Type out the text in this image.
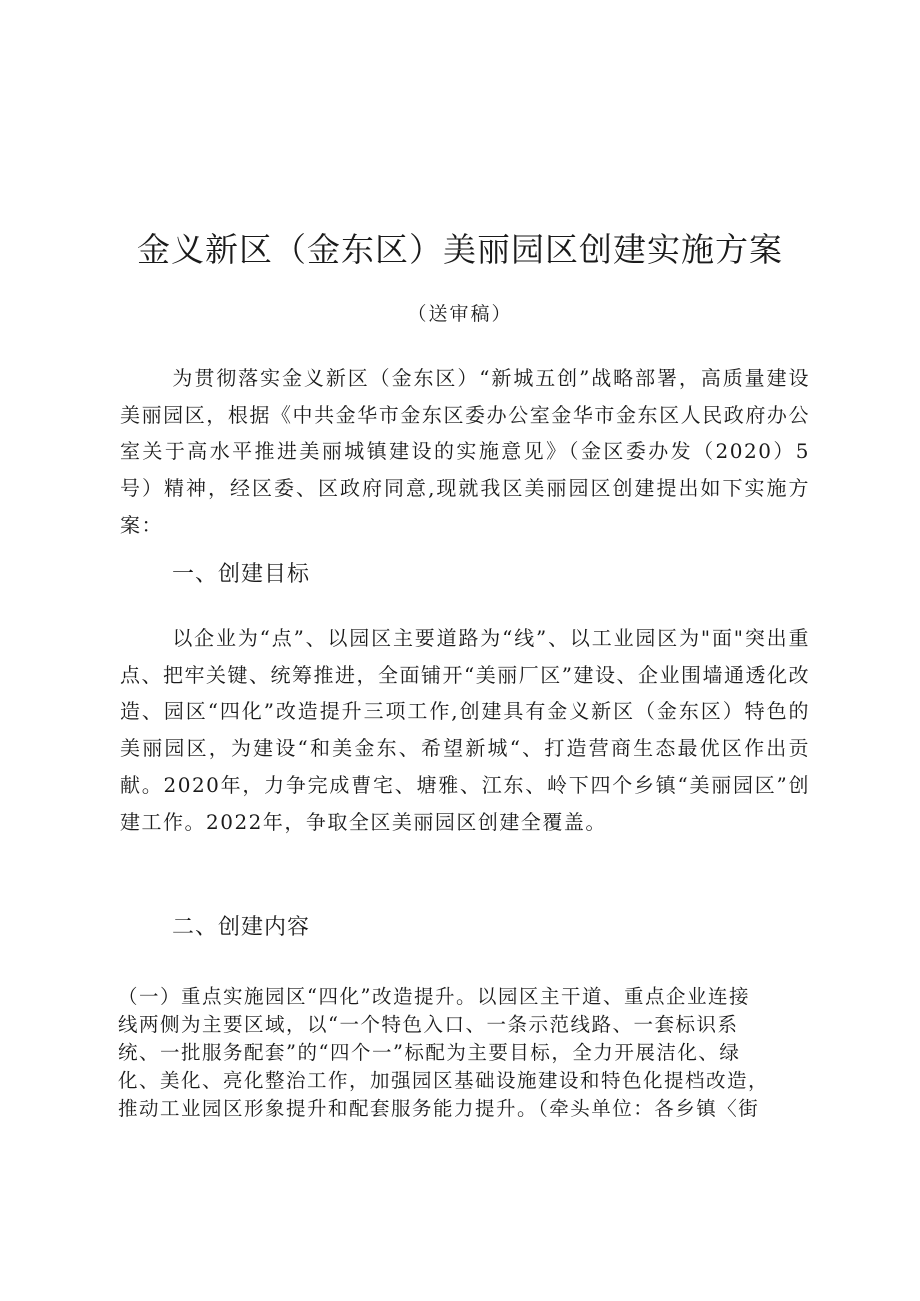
金义新区（金东区）美丽园区创建实施方案
（送审稿）

为贯彻落实金义新区（金东区）“新城五创”战略部署，高质量建设美丽园区，根据《中共金华市金东区委办公室金华市金东区人民政府办公室关于高水平推进美丽城镇建设的实施意见》（金区委办发（2020）5号）精神，经区委、区政府同意,现就我区美丽园区创建提出如下实施方案：

一、创建目标

以企业为“点”、以园区主要道路为“线”、以工业园区为"面"突出重点、把牢关键、统筹推进，全面铺开“美丽厂区”建设、企业围墙通透化改造、园区“四化”改造提升三项工作,创建具有金义新区（金东区）特色的美丽园区，为建设“和美金东、希望新城“、打造营商生态最优区作出贡献。2020年，力争完成曹宅、塘雅、江东、岭下四个乡镇“美丽园区”创建工作。2022年，争取全区美丽园区创建全覆盖。

二、创建内容
（一）重点实施园区“四化”改造提升。以园区主干道、重点企业连接
线两侧为主要区域，以“一个特色入口、一条示范线路、一套标识系
统、一批服务配套”的“四个一”标配为主要目标，全力开展洁化、绿
化、美化、亮化整治工作，加强园区基础设施建设和特色化提档改造，
推动工业园区形象提升和配套服务能力提升。（牵头单位：各乡镇〈街
